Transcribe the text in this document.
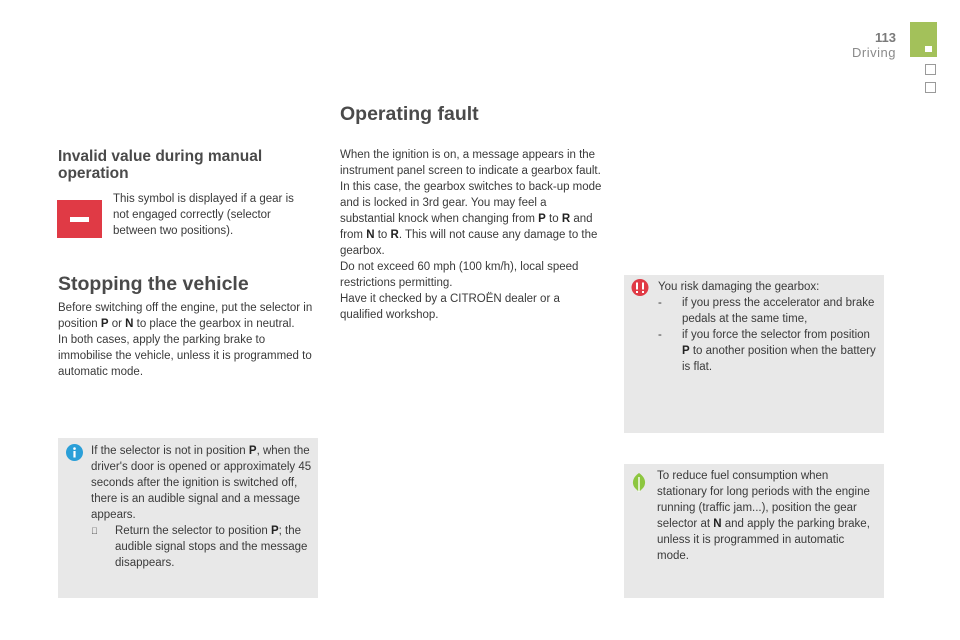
113
Driving
Invalid value during manual operation
This symbol is displayed if a gear is not engaged correctly (selector between two positions).
Stopping the vehicle
Before switching off the engine, put the selector in position P or N to place the gearbox in neutral.
In both cases, apply the parking brake to immobilise the vehicle, unless it is programmed to automatic mode.
If the selector is not in position P, when the driver's door is opened or approximately 45 seconds after the ignition is switched off, there is an audible signal and a message appears.
Return the selector to position P; the audible signal stops and the message disappears.
Operating fault
When the ignition is on, a message appears in the instrument panel screen to indicate a gearbox fault.
In this case, the gearbox switches to back-up mode and is locked in 3rd gear. You may feel a substantial knock when changing from P to R and from N to R. This will not cause any damage to the gearbox.
Do not exceed 60 mph (100 km/h), local speed restrictions permitting.
Have it checked by a CITROËN dealer or a qualified workshop.
You risk damaging the gearbox:
- if you press the accelerator and brake pedals at the same time,
- if you force the selector from position P to another position when the battery is flat.
To reduce fuel consumption when stationary for long periods with the engine running (traffic jam...), position the gear selector at N and apply the parking brake, unless it is programmed in automatic mode.
